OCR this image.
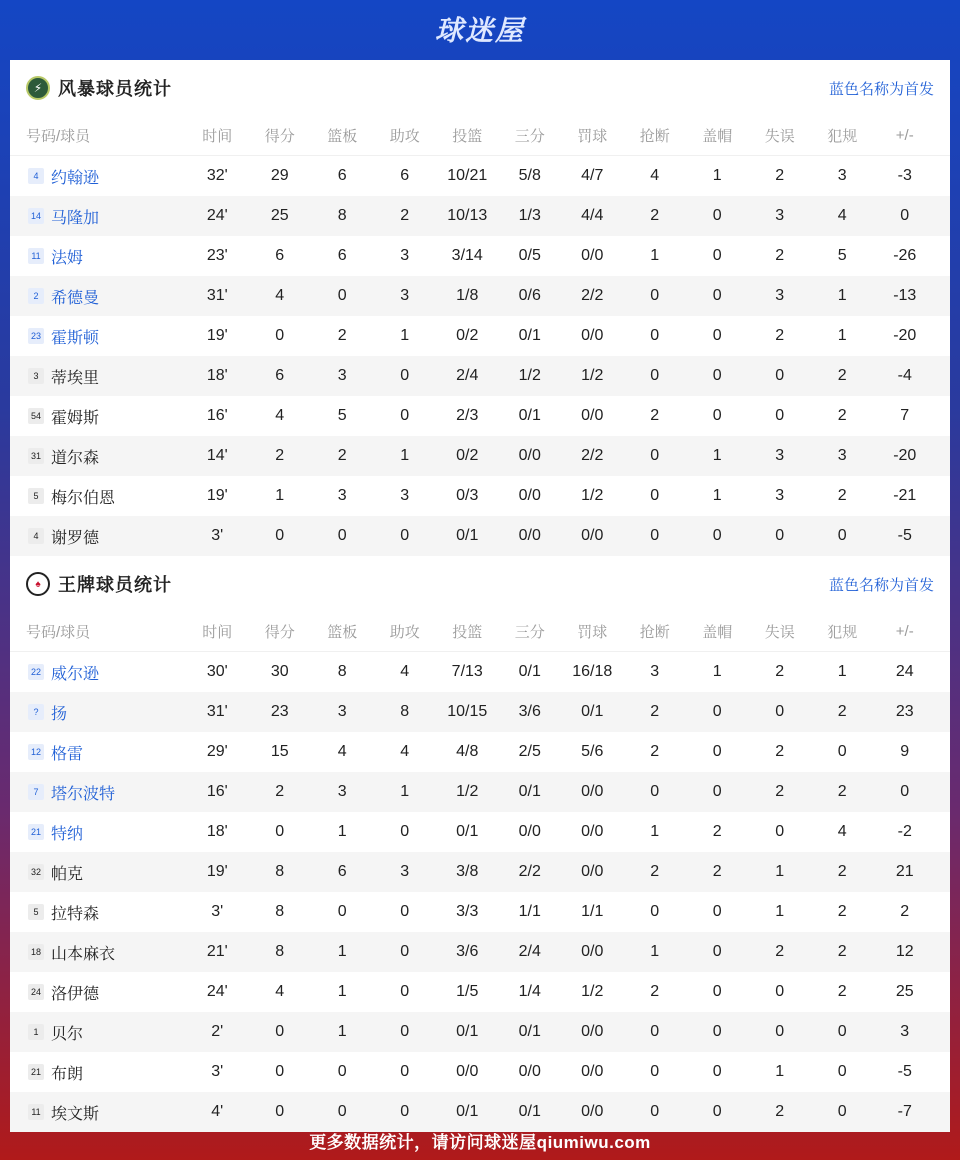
球迷屋
⚡ 风暴球员统计	蓝色名称为首发
号码/球员	时间	得分	篮板	助攻	投篮	三分	罚球	抢断	盖帽	失误	犯规	+/-
4 约翰逊	32'	29	6	6	10/21	5/8	4/7	4	1	2	3	-3
14 马隆加	24'	25	8	2	10/13	1/3	4/4	2	0	3	4	0
11 法姆	23'	6	6	3	3/14	0/5	0/0	1	0	2	5	-26
2 希德曼	31'	4	0	3	1/8	0/6	2/2	0	0	3	1	-13
23 霍斯顿	19'	0	2	1	0/2	0/1	0/0	0	0	2	1	-20
3 蒂埃里	18'	6	3	0	2/4	1/2	1/2	0	0	0	2	-4
54 霍姆斯	16'	4	5	0	2/3	0/1	0/0	2	0	0	2	7
31 道尔森	14'	2	2	1	0/2	0/0	2/2	0	1	3	3	-20
5 梅尔伯恩	19'	1	3	3	0/3	0/0	1/2	0	1	3	2	-21
4 谢罗德	3'	0	0	0	0/1	0/0	0/0	0	0	0	0	-5
♠ 王牌球员统计	蓝色名称为首发
号码/球员	时间	得分	篮板	助攻	投篮	三分	罚球	抢断	盖帽	失误	犯规	+/-
22 威尔逊	30'	30	8	4	7/13	0/1	16/18	3	1	2	1	24
? 扬	31'	23	3	8	10/15	3/6	0/1	2	0	0	2	23
12 格雷	29'	15	4	4	4/8	2/5	5/6	2	0	2	0	9
7 塔尔波特	16'	2	3	1	1/2	0/1	0/0	0	0	2	2	0
21 特纳	18'	0	1	0	0/1	0/0	0/0	1	2	0	4	-2
32 帕克	19'	8	6	3	3/8	2/2	0/0	2	2	1	2	21
5 拉特森	3'	8	0	0	3/3	1/1	1/1	0	0	1	2	2
18 山本麻衣	21'	8	1	0	3/6	2/4	0/0	1	0	2	2	12
24 洛伊德	24'	4	1	0	1/5	1/4	1/2	2	0	0	2	25
1 贝尔	2'	0	1	0	0/1	0/1	0/0	0	0	0	0	3
21 布朗	3'	0	0	0	0/0	0/0	0/0	0	0	1	0	-5
11 埃文斯	4'	0	0	0	0/1	0/1	0/0	0	0	2	0	-7
更多数据统计，请访问球迷屋qiumiwu.com
